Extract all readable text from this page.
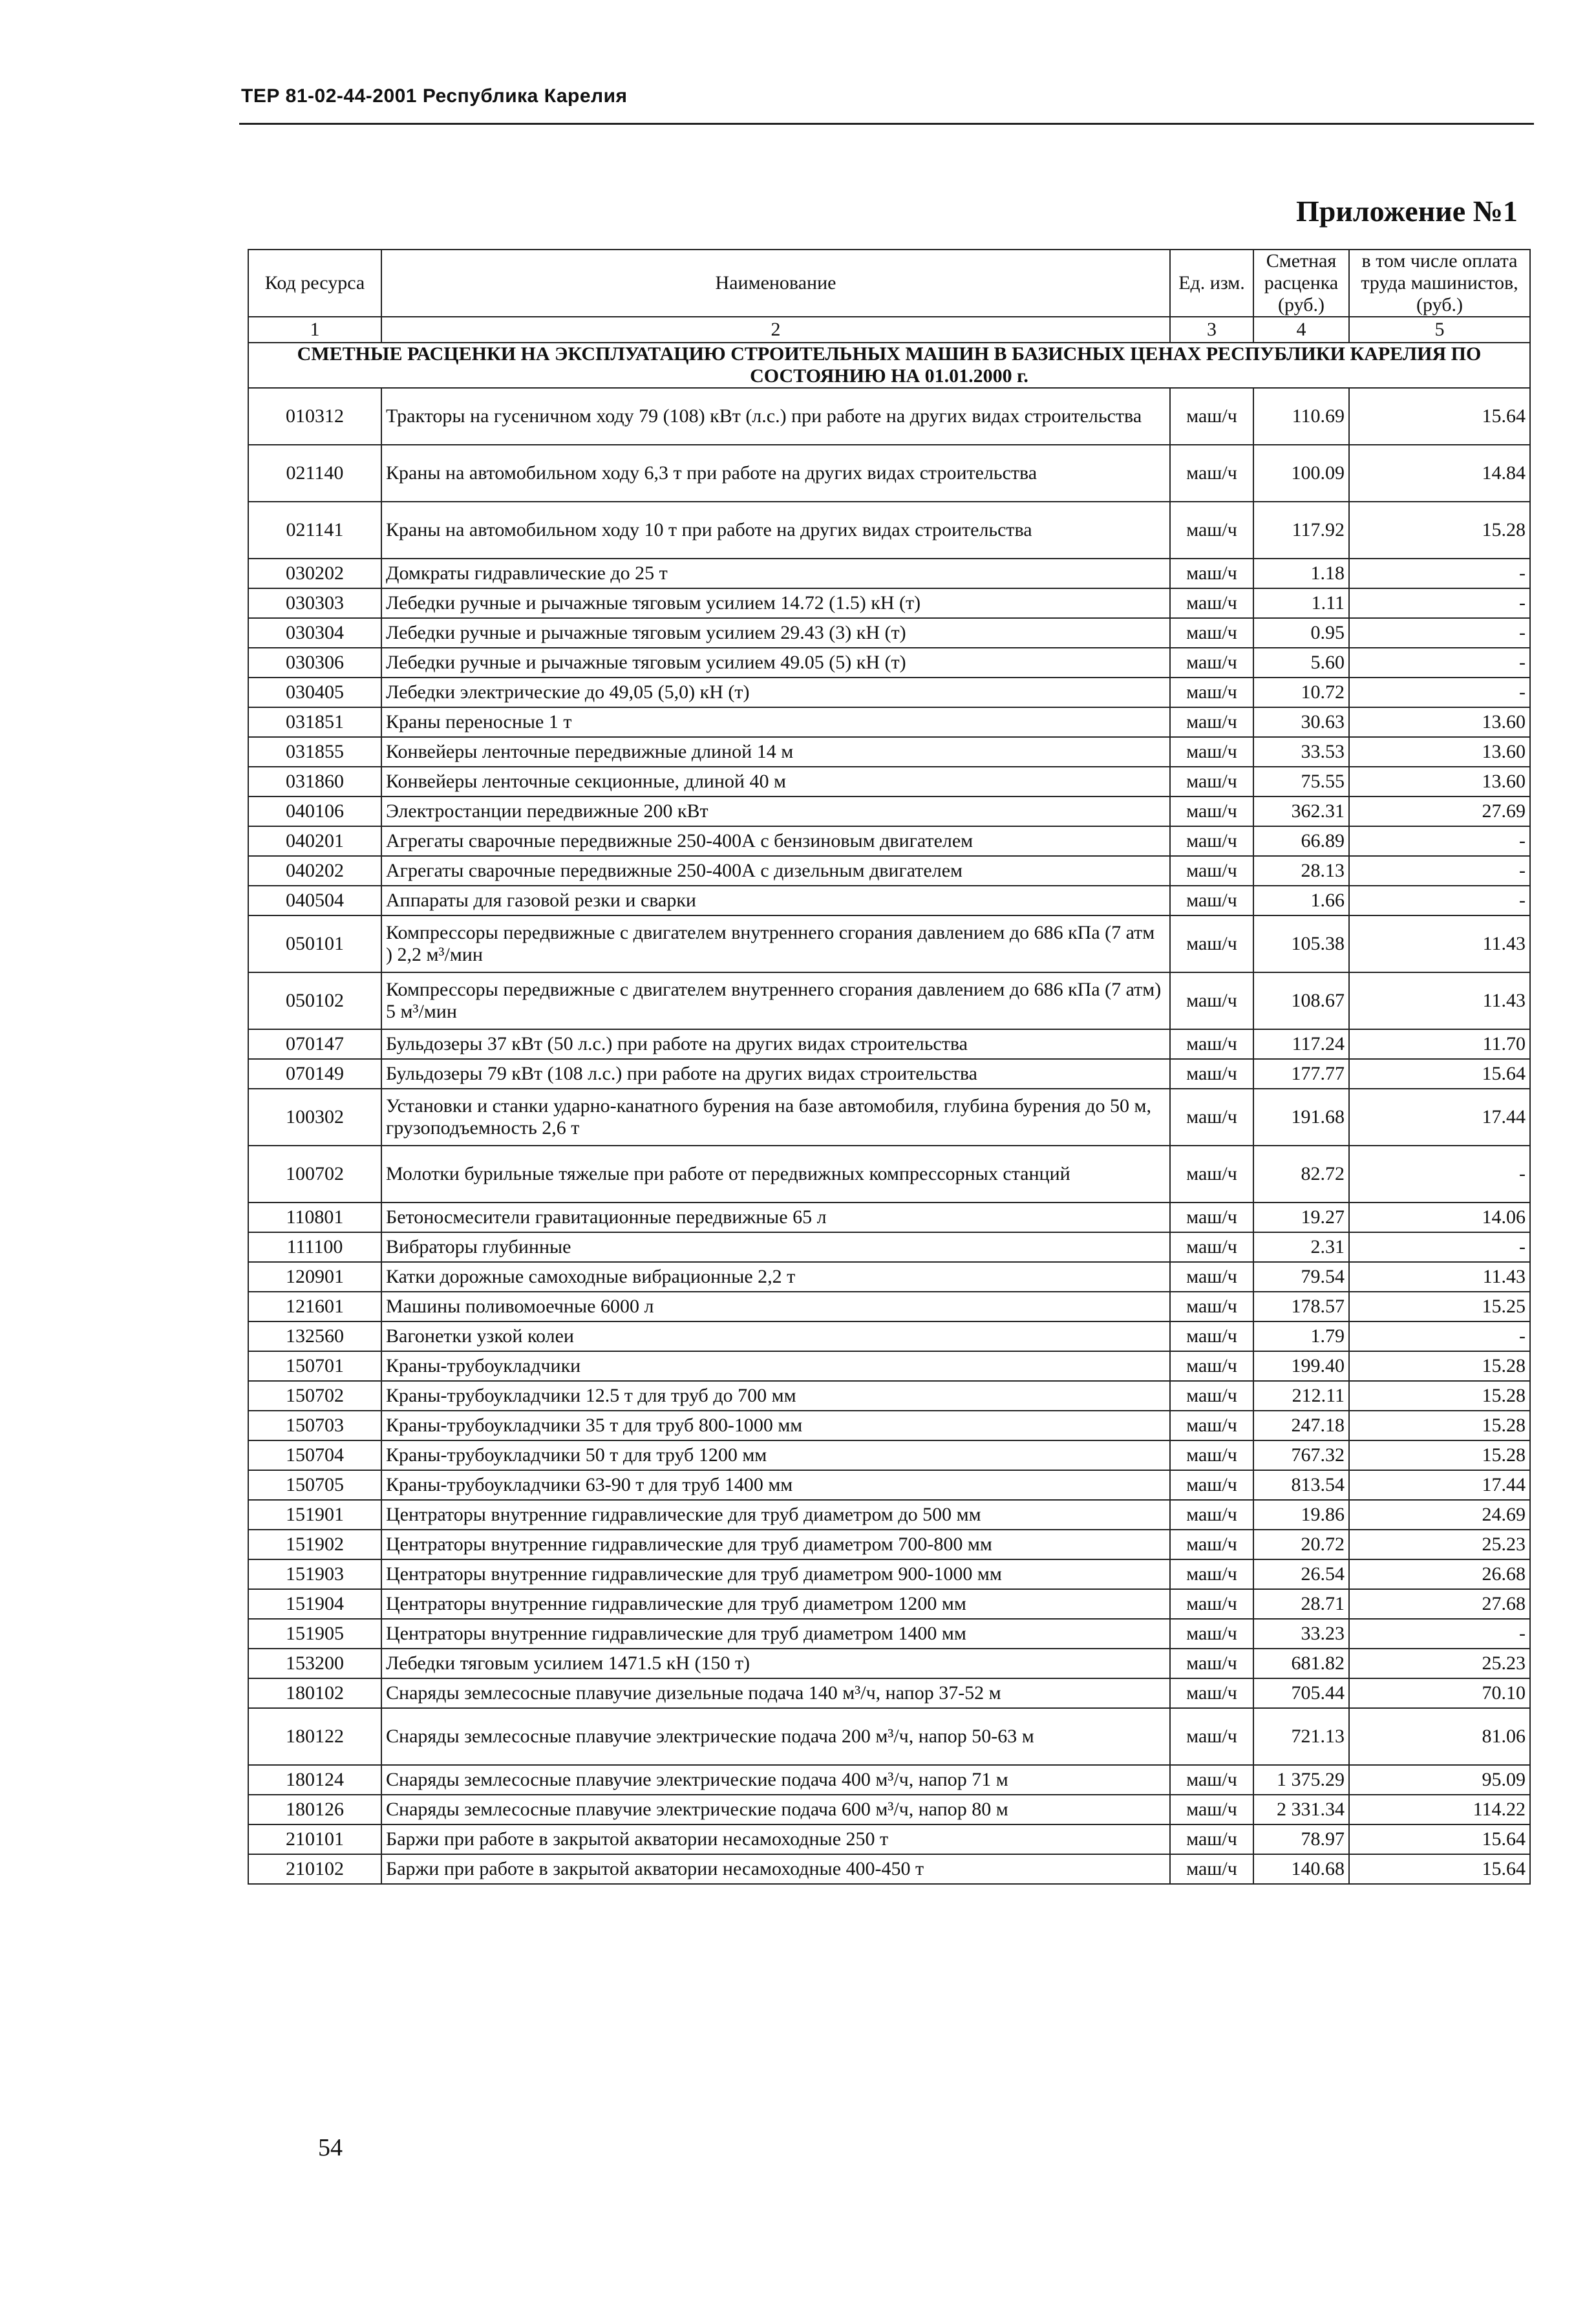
ТЕР 81-02-44-2001 Республика Карелия
Приложение №1
Код ресурса	Наименование	Ед. изм.	Сметная расценка (руб.)	в том числе оплата труда машинистов, (руб.)
1	2	3	4	5
СМЕТНЫЕ РАСЦЕНКИ НА ЭКСПЛУАТАЦИЮ СТРОИТЕЛЬНЫХ МАШИН В БАЗИСНЫХ ЦЕНАХ РЕСПУБЛИКИ КАРЕЛИЯ ПО СОСТОЯНИЮ НА 01.01.2000 г.				
010312	Тракторы на гусеничном ходу 79 (108) кВт (л.с.) при работе на других видах строительства	маш/ч	110.69	15.64
021140	Краны на автомобильном ходу 6,3 т при работе на других видах строительства	маш/ч	100.09	14.84
021141	Краны на автомобильном ходу 10 т при работе на других видах строительства	маш/ч	117.92	15.28
030202	Домкраты гидравлические до 25 т	маш/ч	1.18	-
030303	Лебедки ручные и рычажные тяговым усилием 14.72 (1.5) кН (т)	маш/ч	1.11	-
030304	Лебедки ручные и рычажные тяговым усилием 29.43 (3) кН (т)	маш/ч	0.95	-
030306	Лебедки ручные и рычажные тяговым усилием 49.05 (5) кН (т)	маш/ч	5.60	-
030405	Лебедки электрические до 49,05 (5,0) кН (т)	маш/ч	10.72	-
031851	Краны переносные 1 т	маш/ч	30.63	13.60
031855	Конвейеры ленточные передвижные длиной 14 м	маш/ч	33.53	13.60
031860	Конвейеры ленточные секционные, длиной 40 м	маш/ч	75.55	13.60
040106	Электростанции передвижные 200 кВт	маш/ч	362.31	27.69
040201	Агрегаты сварочные передвижные 250-400А с бензиновым двигателем	маш/ч	66.89	-
040202	Агрегаты сварочные передвижные 250-400А с дизельным двигателем	маш/ч	28.13	-
040504	Аппараты для газовой резки и сварки	маш/ч	1.66	-
050101	Компрессоры передвижные с двигателем внутреннего сгорания давлением до 686 кПа (7 атм ) 2,2 м³/мин	маш/ч	105.38	11.43
050102	Компрессоры передвижные с двигателем внутреннего сгорания давлением до 686 кПа (7 атм) 5 м³/мин	маш/ч	108.67	11.43
070147	Бульдозеры 37 кВт (50 л.с.) при работе на других видах строительства	маш/ч	117.24	11.70
070149	Бульдозеры 79 кВт (108 л.с.) при работе на других видах строительства	маш/ч	177.77	15.64
100302	Установки и станки ударно-канатного бурения на базе автомобиля, глубина бурения до 50 м, грузоподъемность 2,6 т	маш/ч	191.68	17.44
100702	Молотки бурильные тяжелые при работе от передвижных компрессорных станций	маш/ч	82.72	-
110801	Бетоносмесители гравитационные передвижные 65 л	маш/ч	19.27	14.06
111100	Вибраторы глубинные	маш/ч	2.31	-
120901	Катки дорожные самоходные вибрационные 2,2 т	маш/ч	79.54	11.43
121601	Машины поливомоечные 6000 л	маш/ч	178.57	15.25
132560	Вагонетки узкой колеи	маш/ч	1.79	-
150701	Краны-трубоукладчики	маш/ч	199.40	15.28
150702	Краны-трубоукладчики 12.5 т для труб до 700 мм	маш/ч	212.11	15.28
150703	Краны-трубоукладчики 35 т для труб 800-1000 мм	маш/ч	247.18	15.28
150704	Краны-трубоукладчики 50 т для труб 1200 мм	маш/ч	767.32	15.28
150705	Краны-трубоукладчики 63-90 т для труб 1400 мм	маш/ч	813.54	17.44
151901	Центраторы внутренние гидравлические для труб диаметром до 500 мм	маш/ч	19.86	24.69
151902	Центраторы внутренние гидравлические для труб диаметром 700-800 мм	маш/ч	20.72	25.23
151903	Центраторы внутренние гидравлические для труб диаметром 900-1000 мм	маш/ч	26.54	26.68
151904	Центраторы внутренние гидравлические для труб диаметром 1200 мм	маш/ч	28.71	27.68
151905	Центраторы внутренние гидравлические для труб диаметром 1400 мм	маш/ч	33.23	-
153200	Лебедки тяговым усилием 1471.5 кН (150 т)	маш/ч	681.82	25.23
180102	Снаряды землесосные плавучие дизельные подача 140 м³/ч, напор 37-52 м	маш/ч	705.44	70.10
180122	Снаряды землесосные плавучие электрические подача 200 м³/ч, напор 50-63 м	маш/ч	721.13	81.06
180124	Снаряды землесосные плавучие электрические подача 400 м³/ч, напор 71 м	маш/ч	1 375.29	95.09
180126	Снаряды землесосные плавучие электрические подача 600 м³/ч, напор 80 м	маш/ч	2 331.34	114.22
210101	Баржи при работе в закрытой акватории несамоходные 250 т	маш/ч	78.97	15.64
210102	Баржи при работе в закрытой акватории несамоходные 400-450 т	маш/ч	140.68	15.64
54
